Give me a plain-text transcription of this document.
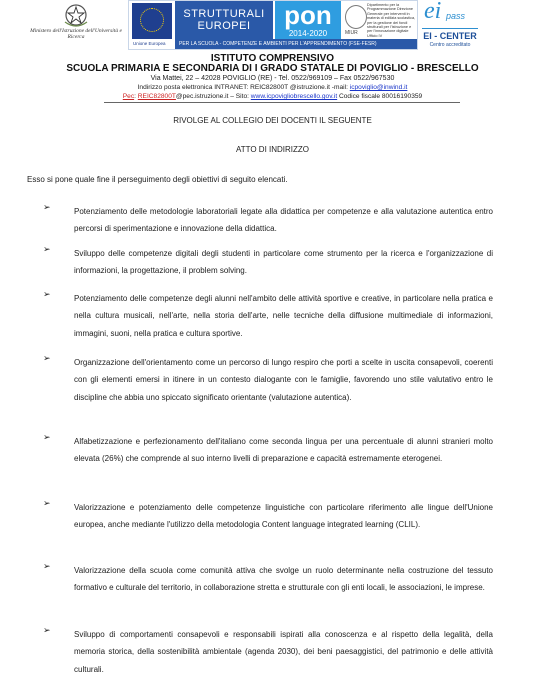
Ministero dell'Istruzione dell'Università e Ricerca
Unione Europea
STRUTTURALI EUROPEI	pon
2014-2020	MIUR
Dipartimento per la Programmazione Direzione Generale per interventi in materia di edilizia scolastica, per la gestione dei fondi strutturali per l'istruzione e per l'innovazione digitale Ufficio IV
PER LA SCUOLA - COMPETENZE E AMBIENTI PER L'APPRENDIMENTO (FSE-FESR)
ei pass
EI - CENTER
Centro accreditato
ISTITUTO COMPRENSIVO
SCUOLA PRIMARIA E SECONDARIA DI I GRADO STATALE DI POVIGLIO - BRESCELLO
Via Mattei, 22 – 42028 POVIGLIO (RE) - Tel. 0522/969109 – Fax 0522/967530
Indirizzo posta elettronica INTRANET: REIC82800T @istruzione.it -mail: icpoviglio@inwind.it
Pec: REIC82800T@pec.istruzione.it – Sito: www.icpovigliobrescello.gov.it Codice fiscale 80016190359
RIVOLGE AL COLLEGIO DEI DOCENTI IL SEGUENTE
ATTO DI INDIRIZZO
Esso si pone quale fine il perseguimento degli obiettivi di seguito elencati.
➢	Potenziamento delle metodologie laboratoriali legate alla didattica per competenze e alla valutazione autentica entro percorsi di sperimentazione e innovazione della didattica.
➢	Sviluppo delle competenze digitali degli studenti in particolare come strumento per la ricerca e l'organizzazione di informazioni, la progettazione, il problem solving.
➢	Potenziamento delle competenze degli alunni nell'ambito delle attività sportive e creative, in particolare nella pratica e nella cultura musicali, nell'arte, nella storia dell'arte, nelle tecniche della diffusione multimediale di informazioni, immagini, suoni, nella pratica e cultura sportive.
➢	Organizzazione dell'orientamento come un percorso di lungo respiro che porti a scelte in uscita consapevoli, coerenti con gli elementi emersi in itinere in un contesto dialogante con le famiglie, favorendo uno stile valutativo entro le discipline che abbia uno spiccato significato orientante (valutazione autentica).
➢	Alfabetizzazione e perfezionamento dell'italiano come seconda lingua per una percentuale di alunni stranieri molto elevata (26%) che comprende al suo interno livelli di preparazione e capacità estremamente eterogenei.
➢	Valorizzazione e potenziamento delle competenze linguistiche con particolare riferimento alle lingue dell'Unione europea, anche mediante l'utilizzo della metodologia Content language integrated learning (CLIL).
➢	Valorizzazione della scuola come comunità attiva che svolge un ruolo determinante nella costruzione del tessuto formativo e culturale del territorio, in collaborazione stretta e strutturale con gli enti locali, le associazioni, le imprese.
➢	Sviluppo di comportamenti consapevoli e responsabili ispirati alla conoscenza e al rispetto della legalità, della memoria storica, della sostenibilità ambientale (agenda 2030), dei beni paesaggistici, del patrimonio e delle attività culturali.
